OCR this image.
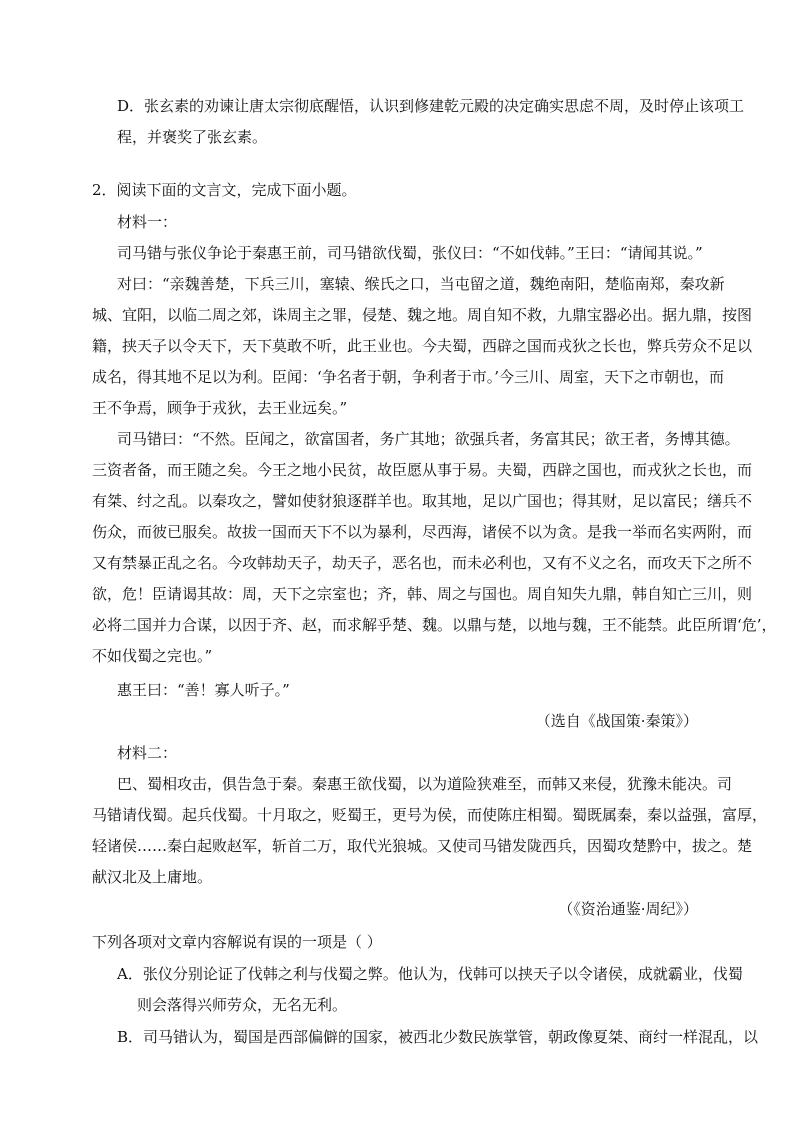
D．张玄素的劝谏让唐太宗彻底醒悟，认识到修建乾元殿的决定确实思虑不周，及时停止该项工
程，并褒奖了张玄素。
2．阅读下面的文言文，完成下面小题。
材料一：
司马错与张仪争论于秦惠王前，司马错欲伐蜀，张仪曰：“不如伐韩。”王曰：“请闻其说。”
对曰：“亲魏善楚，下兵三川，塞辕、缑氏之口，当屯留之道，魏绝南阳，楚临南郑，秦攻新
城、宜阳，以临二周之郊，诛周主之罪，侵楚、魏之地。周自知不救，九鼎宝器必出。据九鼎，按图
籍，挟天子以令天下，天下莫敢不听，此王业也。今夫蜀，西辟之国而戎狄之长也，弊兵劳众不足以
成名，得其地不足以为利。臣闻：‘争名者于朝，争利者于市。’今三川、周室，天下之市朝也，而
王不争焉，顾争于戎狄，去王业远矣。”
司马错曰：“不然。臣闻之，欲富国者，务广其地；欲强兵者，务富其民；欲王者，务博其德。
三资者备，而王随之矣。今王之地小民贫，故臣愿从事于易。夫蜀，西辟之国也，而戎狄之长也，而
有桀、纣之乱。以秦攻之，譬如使豺狼逐群羊也。取其地，足以广国也；得其财，足以富民；缮兵不
伤众，而彼已服矣。故拔一国而天下不以为暴利，尽西海，诸侯不以为贪。是我一举而名实两附，而
又有禁暴正乱之名。今攻韩劫天子，劫天子，恶名也，而未必利也，又有不义之名，而攻天下之所不
欲，危！臣请谒其故：周，天下之宗室也；齐，韩、周之与国也。周自知失九鼎，韩自知亡三川，则
必将二国并力合谋，以因于齐、赵，而求解乎楚、魏。以鼎与楚，以地与魏，王不能禁。此臣所谓‘危’，
不如伐蜀之完也。”
惠王曰：“善！寡人听子。”
（选自《战国策·秦策》）
材料二：
巴、蜀相攻击，俱告急于秦。秦惠王欲伐蜀，以为道险狭难至，而韩又来侵，犹豫未能决。司
马错请伐蜀。起兵伐蜀。十月取之，贬蜀王，更号为侯，而使陈庄相蜀。蜀既属秦，秦以益强，富厚，
轻诸侯……秦白起败赵军，斩首二万，取代光狼城。又使司马错发陇西兵，因蜀攻楚黔中，拔之。楚
献汉北及上庸地。
（《资治通鉴·周纪》）
下列各项对文章内容解说有误的一项是（ ）
A．张仪分别论证了伐韩之利与伐蜀之弊。他认为，伐韩可以挟天子以令诸侯，成就霸业，伐蜀
则会落得兴师劳众，无名无利。
B．司马错认为，蜀国是西部偏僻的国家，被西北少数民族掌管，朝政像夏桀、商纣一样混乱，以
